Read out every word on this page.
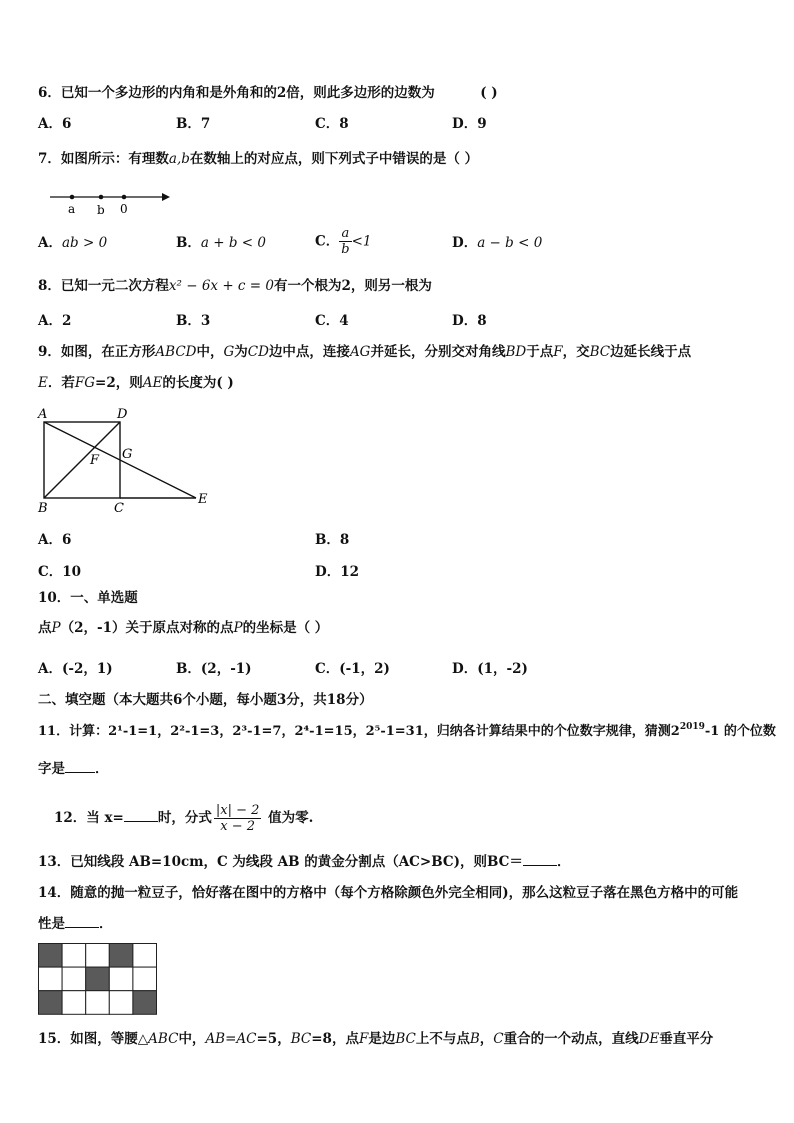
6．已知一个多边形的内角和是外角和的2倍，则此多边形的边数为	( )
A．6	B．7	C．8	D．9
7．如图所示：有理数a,b在数轴上的对应点，则下列式子中错误的是（ ）
a b 0
A．ab > 0	B．a + b < 0	C． $\frac{a}{b} <1$	D．a − b < 0
8．已知一元二次方程x² − 6x + c = 0有一个根为2，则另一根为
A．2	B．3	C．4	D．8
9．如图，在正方形ABCD中，G为CD边中点，连接AG并延长，分别交对角线BD于点F，交BC边延长线于点
E．若FG=2，则AE的长度为( )
A	D
F G
B	C
E
A．6	B．8
C．10	D．12
10．一、单选题
点P（2，-1）关于原点对称的点P的坐标是（ ）
A．(-2，1)	B．(2，-1)	C．(-1，2)	D．(1，-2)
二、填空题（本大题共6个小题，每小题3分，共18分）
11．计算：2¹-1=1，2²-1=3，2³-1=7，2⁴-1=15，2⁵-1=31，归纳各计算结果中的个位数字规律，猜测$2^{2019}-1$ 的个位数
字是 ．
12．当 x=	时，分式 $\frac{|x| - 2}{x - 2}$ 值为零.
13．已知线段 AB=10cm，C 为线段 AB 的黄金分割点（AC>BC)，则BC＝	．
14．随意的抛一粒豆子，恰好落在图中的方格中（每个方格除颜色外完全相同)，那么这粒豆子落在黑色方格中的可能
性是	．
15．如图，等腰△ABC中，AB=AC=5，BC=8，点F是边BC上不与点B，C重合的一个动点，直线DE垂直平分
